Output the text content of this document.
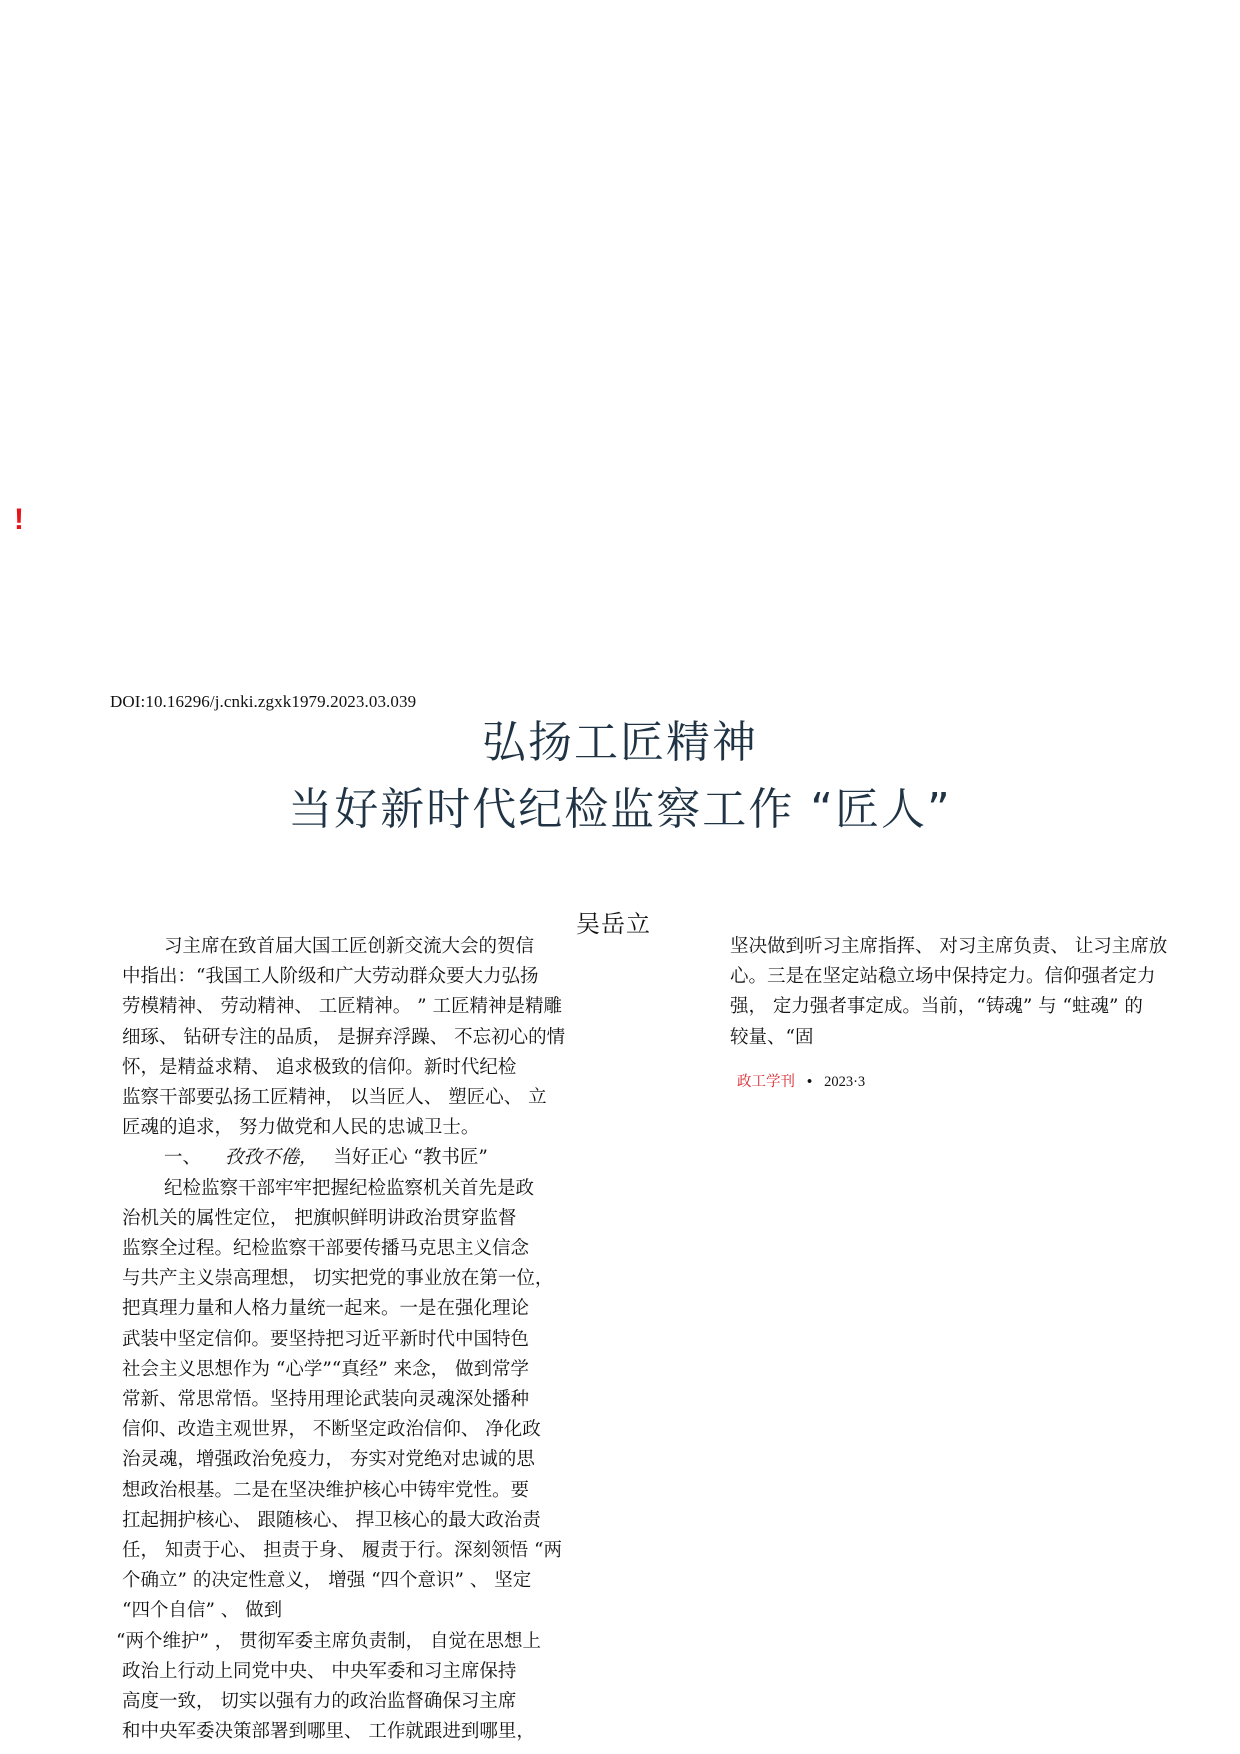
!
DOI:10.16296/j.cnki.zgxk1979.2023.03.039
弘扬工匠精神
当好新时代纪检监察工作 “匠人”
吴岳立
习主席在致首届大国工匠创新交流大会的贺信
中指出：“我国工人阶级和广大劳动群众要大力弘扬
劳模精神、 劳动精神、 工匠精神。 ” 工匠精神是精雕
细琢、 钻研专注的品质， 是摒弃浮躁、 不忘初心的情
怀，是精益求精、 追求极致的信仰。新时代纪检
监察干部要弘扬工匠精神， 以当匠人、 塑匠心、 立
匠魂的追求， 努力做党和人民的忠诚卫士。
一、 孜孜不倦， 当好正心 “教书匠”
纪检监察干部牢牢把握纪检监察机关首先是政
治机关的属性定位， 把旗帜鲜明讲政治贯穿监督
监察全过程。纪检监察干部要传播马克思主义信念
与共产主义崇高理想， 切实把党的事业放在第一位，
把真理力量和人格力量统一起来。一是在强化理论
武装中坚定信仰。要坚持把习近平新时代中国特色
社会主义思想作为 “心学”“真经” 来念， 做到常学
常新、常思常悟。坚持用理论武装向灵魂深处播种
信仰、改造主观世界， 不断坚定政治信仰、 净化政
治灵魂，增强政治免疫力， 夯实对党绝对忠诚的思
想政治根基。二是在坚决维护核心中铸牢党性。要
扛起拥护核心、 跟随核心、 捍卫核心的最大政治责
任， 知责于心、 担责于身、 履责于行。深刻领悟 “两
个确立” 的决定性意义， 增强 “四个意识” 、 坚定
“四个自信” 、 做到
“两个维护” ， 贯彻军委主席负责制， 自觉在思想上
政治上行动上同党中央、 中央军委和习主席保持
高度一致， 切实以强有力的政治监督确保习主席
和中央军委决策部署到哪里、 工作就跟进到哪里，
坚决做到听习主席指挥、 对习主席负责、 让习主席放
心。三是在坚定站稳立场中保持定力。信仰强者定力
强， 定力强者事定成。当前，“铸魂” 与 “蛀魂” 的
较量、“固
政工学刊 • 2023·3
